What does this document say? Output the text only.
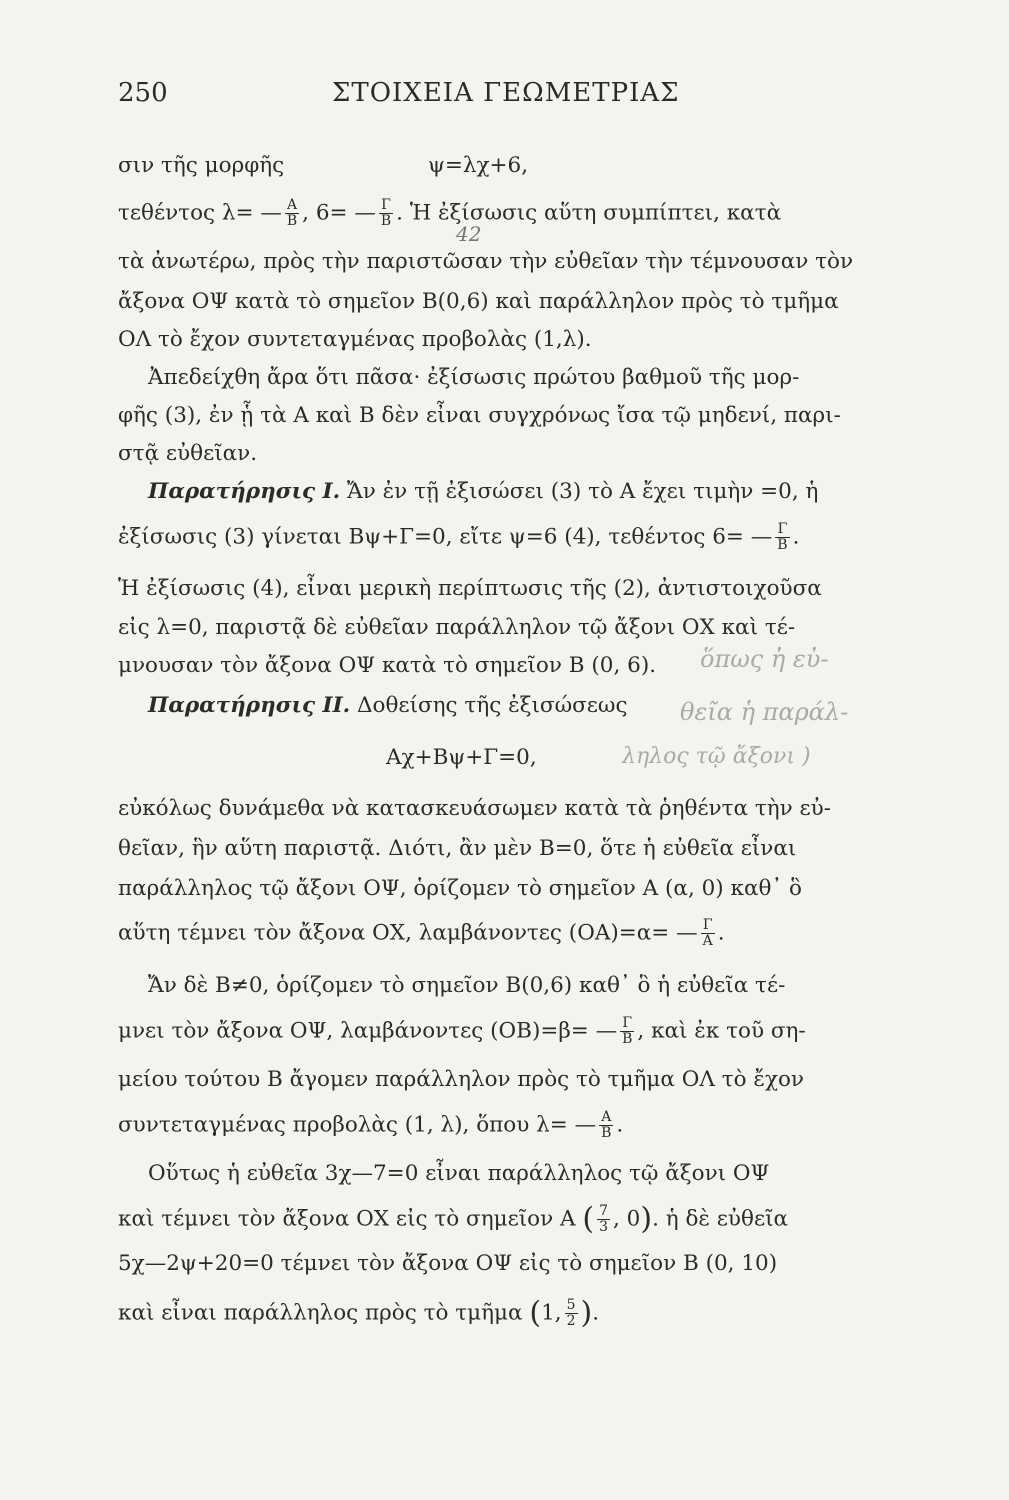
250	ΣΤΟΙΧΕΙΑ ΓΕΩΜΕΤΡΙΑΣ
σιν τῆς μορφῆς	ψ=λχ+6,
τεθέντος λ= — $\frac{A}{B}$ , 6= — $\frac{\Gamma}{B}$ . Ἡ ἐξίσωσις αὕτη συμπίπτει, κατὰ
τὰ ἀνωτέρω, πρὸς τὴν παριστῶσαν τὴν εὐθεῖαν τὴν τέμνουσαν τὸν
ἄξονα ΟΨ κατὰ τὸ σημεῖον B(0,6) καὶ παράλληλον πρὸς τὸ τμῆμα
ΟΛ τὸ ἔχον συντεταγμένας προβολὰς (1,λ).
Ἀπεδείχθη ἄρα ὅτι πᾶσα· ἐξίσωσις πρώτου βαθμοῦ τῆς μορ-
φῆς (3), ἐν ᾗ τὰ Α καὶ Β δὲν εἶναι συγχρόνως ἴσα τῷ μηδενί, παρι-
στᾷ εὐθεῖαν.
Παρατήρησις I. Ἄν ἐν τῇ ἐξισώσει (3) τὸ Α ἔχει τιμὴν =0, ἡ
ἐξίσωσις (3) γίνεται Βψ+Γ=0, εἴτε ψ=6 (4), τεθέντος 6= — $\frac{\Gamma}{B}$ .
Ἡ ἐξίσωσις (4), εἶναι μερικὴ περίπτωσις τῆς (2), ἀντιστοιχοῦσα
εἰς λ=0, παριστᾷ δὲ εὐθεῖαν παράλληλον τῷ ἄξονι ΟΧ καὶ τέ-
μνουσαν τὸν ἄξονα ΟΨ κατὰ τὸ σημεῖον Β (0, 6).
Παρατήρησις II. Δοθείσης τῆς ἐξισώσεως
Αχ+Βψ+Γ=0,
εὐκόλως δυνάμεθα νὰ κατασκευάσωμεν κατὰ τὰ ῥηθέντα τὴν εὐ-
θεῖαν, ἣν αὕτη παριστᾷ. Διότι, ἂν μὲν Β=0, ὅτε ἡ εὐθεῖα εἶναι
παράλληλος τῷ ἄξονι ΟΨ, ὁρίζομεν τὸ σημεῖον Α (α, 0) καθ᾽ ὃ
αὕτη τέμνει τὸν ἄξονα ΟΧ, λαμβάνοντες (ΟΑ)=α= — $\frac{\Gamma}{A}$ .
Ἄν δὲ Β≠0, ὁρίζομεν τὸ σημεῖον B(0,6) καθ᾽ ὃ ἡ εὐθεῖα τέ-
μνει τὸν ἄξονα ΟΨ, λαμβάνοντες (ΟΒ)=β= — $\frac{\Gamma}{B}$ , καὶ ἐκ τοῦ ση-
μείου τούτου Β ἄγομεν παράλληλον πρὸς τὸ τμῆμα ΟΛ τὸ ἔχον
συντεταγμένας προβολὰς (1, λ), ὅπου λ= — $\frac{A}{B}$ .
Οὕτως ἡ εὐθεῖα 3χ—7=0 εἶναι παράλληλος τῷ ἄξονι ΟΨ
καὶ τέμνει τὸν ἄξονα ΟΧ εἰς τὸ σημεῖον Α ( $\frac{7}{3}$ , 0). ἡ δὲ εὐθεῖα
5χ—2ψ+20=0 τέμνει τὸν ἄξονα ΟΨ εἰς τὸ σημεῖον Β (0, 10)
καὶ εἶναι παράλληλος πρὸς τὸ τμῆμα (1, $\frac{5}{2}$ ).
ὅπως ἡ εὐ-
θεῖα ἡ παράλ-
ληλος τῷ ἄξονι )
42
